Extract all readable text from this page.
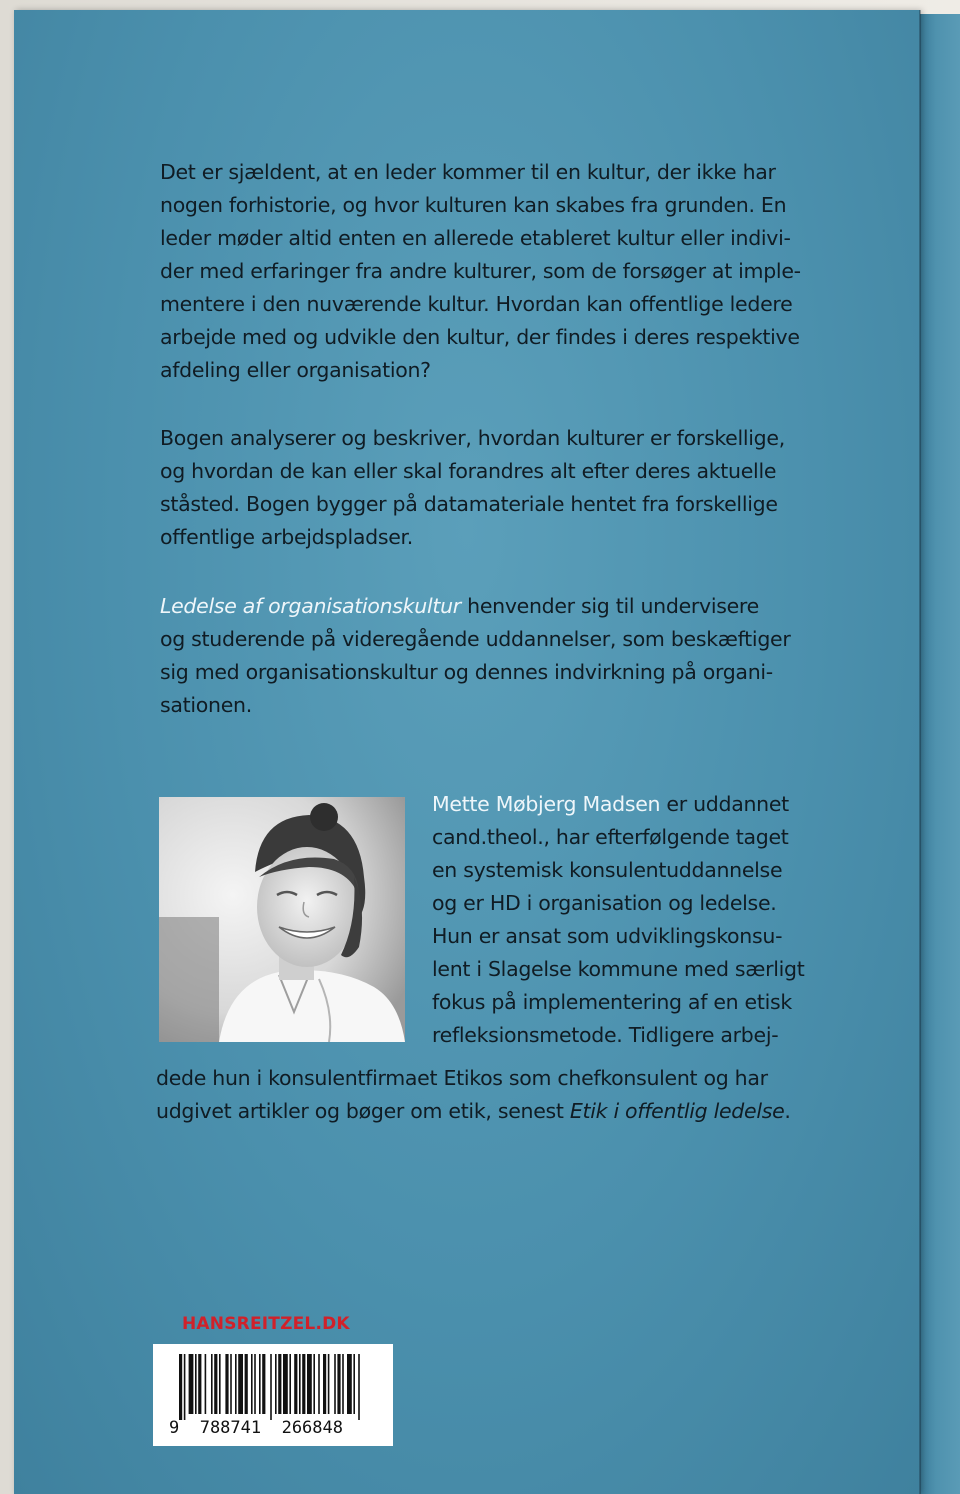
Det er sjældent, at en leder kommer til en kultur, der ikke har
nogen forhistorie, og hvor kulturen kan skabes fra grunden. En
leder møder altid enten en allerede etableret kultur eller indivi-
der med erfaringer fra andre kulturer, som de forsøger at imple-
mentere i den nuværende kultur. Hvordan kan offentlige ledere
arbejde med og udvikle den kultur, der findes i deres respektive
afdeling eller organisation?
Bogen analyserer og beskriver, hvordan kulturer er forskellige,
og hvordan de kan eller skal forandres alt efter deres aktuelle
ståsted. Bogen bygger på datamateriale hentet fra forskellige
offentlige arbejdspladser.
Ledelse af organisationskultur henvender sig til undervisere
og studerende på videregående uddannelser, som beskæftiger
sig med organisationskultur og dennes indvirkning på organi-
sationen.
Mette Møbjerg Madsen er uddannet
cand.theol., har efterfølgende taget
en systemisk konsulentuddannelse
og er HD i organisation og ledelse.
Hun er ansat som udviklingskonsu-
lent i Slagelse kommune med særligt
fokus på implementering af en etisk
refleksionsmetode. Tidligere arbej-
dede hun i konsulentfirmaet Etikos som chefkonsulent og har
udgivet artikler og bøger om etik, senest Etik i offentlig ledelse.
HANSREITZEL.DK
9  788741  266848
